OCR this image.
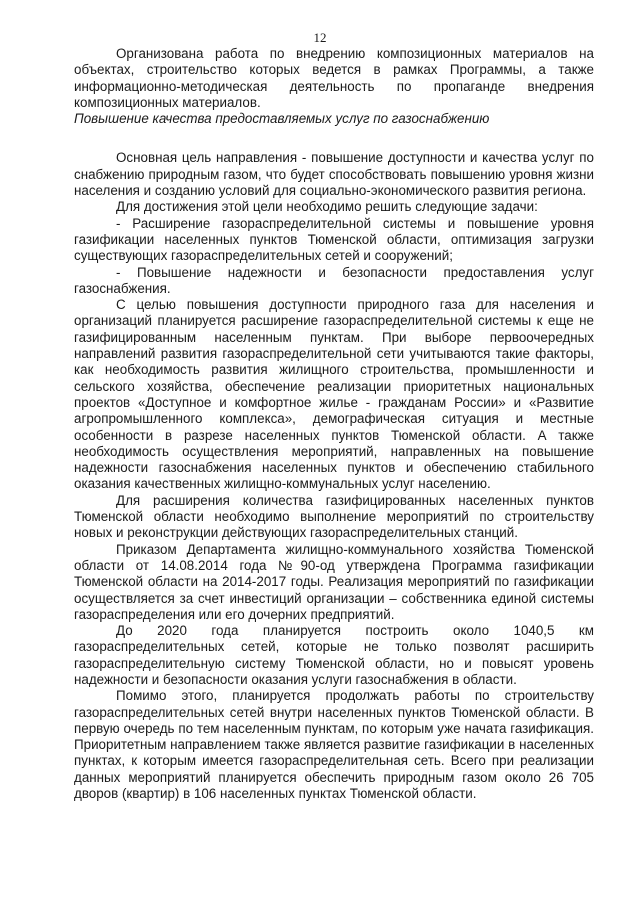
12

Организована работа по внедрению композиционных материалов на объектах, строительство которых ведется в рамках Программы, а также информационно-методическая деятельность по пропаганде внедрения композиционных материалов.

Повышение качества предоставляемых услуг по газоснабжению

Основная цель направления - повышение доступности и качества услуг по снабжению природным газом, что будет способствовать повышению уровня жизни населения и созданию условий для социально-экономического развития региона.

Для достижения этой цели необходимо решить следующие задачи:

- Расширение газораспределительной системы и повышение уровня газификации населенных пунктов Тюменской области, оптимизация загрузки существующих газораспределительных сетей и сооружений;

- Повышение надежности и безопасности предоставления услуг газоснабжения.

С целью повышения доступности природного газа для населения и организаций планируется расширение газораспределительной системы к еще не газифицированным населенным пунктам. При выборе первоочередных направлений развития газораспределительной сети учитываются такие факторы, как необходимость развития жилищного строительства, промышленности и сельского хозяйства, обеспечение реализации приоритетных национальных проектов «Доступное и комфортное жилье - гражданам России» и «Развитие агропромышленного комплекса», демографическая ситуация и местные особенности в разрезе населенных пунктов Тюменской области. А также необходимость осуществления мероприятий, направленных на повышение надежности газоснабжения населенных пунктов и обеспечению стабильного оказания качественных жилищно-коммунальных услуг населению.

Для расширения количества газифицированных населенных пунктов Тюменской области необходимо выполнение мероприятий по строительству новых и реконструкции действующих газораспределительных станций.

Приказом Департамента жилищно-коммунального хозяйства Тюменской области от 14.08.2014 года №90-од утверждена Программа газификации Тюменской области на 2014-2017 годы. Реализация мероприятий по газификации осуществляется за счет инвестиций организации – собственника единой системы газораспределения или его дочерних предприятий.

До 2020 года планируется построить около 1040,5 км газораспределительных сетей, которые не только позволят расширить газораспределительную систему Тюменской области, но и повысят уровень надежности и безопасности оказания услуги газоснабжения в области.

Помимо этого, планируется продолжать работы по строительству газораспределительных сетей внутри населенных пунктов Тюменской области. В первую очередь по тем населенным пунктам, по которым уже начата газификация. Приоритетным направлением также является развитие газификации в населенных пунктах, к которым имеется газораспределительная сеть. Всего при реализации данных мероприятий планируется обеспечить природным газом около 26 705 дворов (квартир) в 106 населенных пунктах Тюменской области.
